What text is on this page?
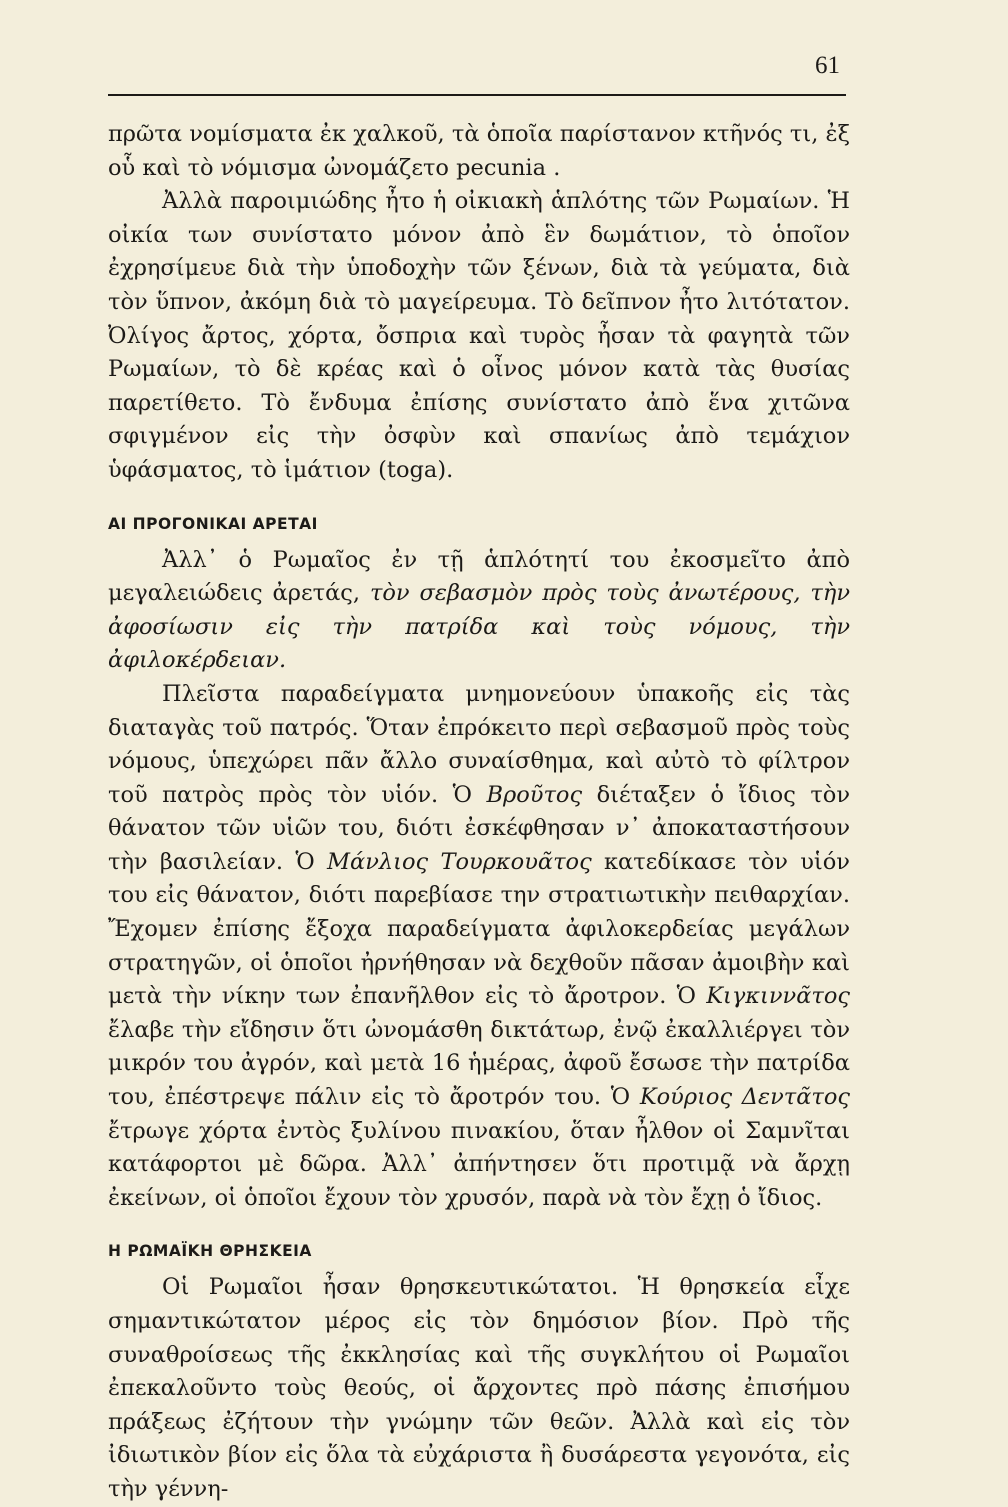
61

πρῶτα νομίσματα ἐκ χαλκοῦ, τὰ ὁποῖα παρίστανον κτῆνός τι, ἐξ οὗ καὶ τὸ νόμισμα ὠνομάζετο pecunia .

Ἀλλὰ παροιμιώδης ἦτο ἡ οἰκιακὴ ἁπλότης τῶν Ρωμαίων. Ἡ οἰκία των συνίστατο μόνον ἀπὸ ἓν δωμάτιον, τὸ ὁποῖον ἐχρησίμευε διὰ τὴν ὑποδοχὴν τῶν ξένων, διὰ τὰ γεύματα, διὰ τὸν ὕπνον, ἀκόμη διὰ τὸ μαγείρευμα. Τὸ δεῖπνον ἦτο λιτότατον. Ὀλίγος ἄρτος, χόρτα, ὄσπρια καὶ τυρὸς ἦσαν τὰ φαγητὰ τῶν Ρωμαίων, τὸ δὲ κρέας καὶ ὁ οἶνος μόνον κατὰ τὰς θυσίας παρετίθετο. Τὸ ἔνδυμα ἐπίσης συνίστατο ἀπὸ ἕνα χιτῶνα σφιγμένον εἰς τὴν ὀσφὺν καὶ σπανίως ἀπὸ τεμάχιον ὑφάσματος, τὸ ἱμάτιον (toga).

ΑΙ ΠΡΟΓΟΝΙΚΑΙ ΑΡΕΤΑΙ

Ἀλλ᾽ ὁ Ρωμαῖος ἐν τῇ ἁπλότητί του ἐκοσμεῖτο ἀπὸ μεγαλειώδεις ἀρετάς, τὸν σεβασμὸν πρὸς τοὺς ἀνωτέρους, τὴν ἀφοσίωσιν εἰς τὴν πατρίδα καὶ τοὺς νόμους, τὴν ἀφιλοκέρδειαν.

Πλεῖστα παραδείγματα μνημονεύουν ὑπακοῆς εἰς τὰς διαταγὰς τοῦ πατρός. Ὅταν ἐπρόκειτο περὶ σεβασμοῦ πρὸς τοὺς νόμους, ὑπεχώρει πᾶν ἄλλο συναίσθημα, καὶ αὐτὸ τὸ φίλτρον τοῦ πατρὸς πρὸς τὸν υἱόν. Ὁ Βροῦτος διέταξεν ὁ ἴδιος τὸν θάνατον τῶν υἱῶν του, διότι ἐσκέφθησαν ν᾽ ἀποκαταστήσουν τὴν βασιλείαν. Ὁ Μάνλιος Τουρκουᾶτος κατεδίκασε τὸν υἱόν του εἰς θάνατον, διότι παρεβίασε την στρατιωτικὴν πειθαρχίαν. Ἔχομεν ἐπίσης ἔξοχα παραδείγματα ἀφιλοκερδείας μεγάλων στρατηγῶν, οἱ ὁποῖοι ἠρνήθησαν νὰ δεχθοῦν πᾶσαν ἀμοιβὴν καὶ μετὰ τὴν νίκην των ἐπανῆλθον εἰς τὸ ἄροτρον. Ὁ Κιγκιννᾶτος ἔλαβε τὴν εἴδησιν ὅτι ὠνομάσθη δικτάτωρ, ἐνῷ ἐκαλλιέργει τὸν μικρόν του ἀγρόν, καὶ μετὰ 16 ἡμέρας, ἀφοῦ ἔσωσε τὴν πατρίδα του, ἐπέστρεψε πάλιν εἰς τὸ ἄροτρόν του. Ὁ Κούριος Δεντᾶτος ἔτρωγε χόρτα ἐντὸς ξυλίνου πινακίου, ὅταν ἦλθον οἱ Σαμνῖται κατάφορτοι μὲ δῶρα. Ἀλλ᾽ ἀπήντησεν ὅτι προτιμᾷ νὰ ἄρχῃ ἐκείνων, οἱ ὁποῖοι ἔχουν τὸν χρυσόν, παρὰ νὰ τὸν ἔχῃ ὁ ἴδιος.

Η ΡΩΜΑΪΚΗ ΘΡΗΣΚΕΙΑ

Οἱ Ρωμαῖοι ἦσαν θρησκευτικώτατοι. Ἡ θρησκεία εἶχε σημαντικώτατον μέρος εἰς τὸν δημόσιον βίον. Πρὸ τῆς συναθροίσεως τῆς ἐκκλησίας καὶ τῆς συγκλήτου οἱ Ρωμαῖοι ἐπεκαλοῦντο τοὺς θεούς, οἱ ἄρχοντες πρὸ πάσης ἐπισήμου πράξεως ἐζήτουν τὴν γνώμην τῶν θεῶν. Ἀλλὰ καὶ εἰς τὸν ἰδιωτικὸν βίον εἰς ὅλα τὰ εὐχάριστα ἢ δυσάρεστα γεγονότα, εἰς τὴν γέννη-
